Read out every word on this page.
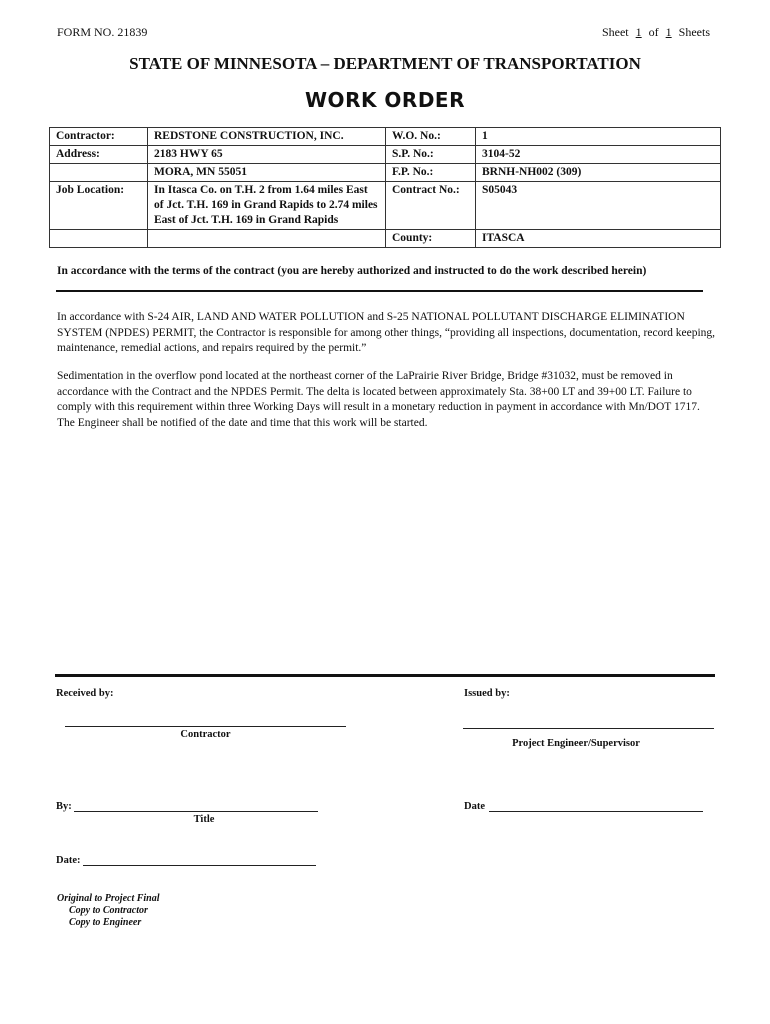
FORM NO. 21839	Sheet 1 of 1 Sheets
STATE OF MINNESOTA – DEPARTMENT OF TRANSPORTATION
WORK ORDER
Contractor:	REDSTONE CONSTRUCTION, INC.	W.O. No.:	1
Address:	2183 HWY 65	S.P. No.:	3104-52

	MORA, MN 55051	F.P. No.:	BRNH-NH002 (309)
Job Location:	In Itasca Co. on T.H. 2 from 1.64 miles East of Jct. T.H. 169 in Grand Rapids to 2.74 miles East of Jct. T.H. 169 in Grand Rapids	Contract No.:	S05043
		County:	ITASCA
In accordance with the terms of the contract (you are hereby authorized and instructed to do the work described herein)
In accordance with S-24 AIR, LAND AND WATER POLLUTION and S-25 NATIONAL POLLUTANT DISCHARGE ELIMINATION SYSTEM (NPDES) PERMIT, the Contractor is responsible for among other things, “providing all inspections, documentation, record keeping, maintenance, remedial actions, and repairs required by the permit.”
Sedimentation in the overflow pond located at the northeast corner of the LaPrairie River Bridge, Bridge #31032, must be removed in accordance with the Contract and the NPDES Permit. The delta is located between approximately Sta. 38+00 LT and 39+00 LT. Failure to comply with this requirement within three Working Days will result in a monetary reduction in payment in accordance with Mn/DOT 1717. The Engineer shall be notified of the date and time that this work will be started.
Received by:	Issued by:
Contractor
Project Engineer/Supervisor
By:
Title
Date
Date:
Original to Project Final
Copy to Contractor
Copy to Engineer
